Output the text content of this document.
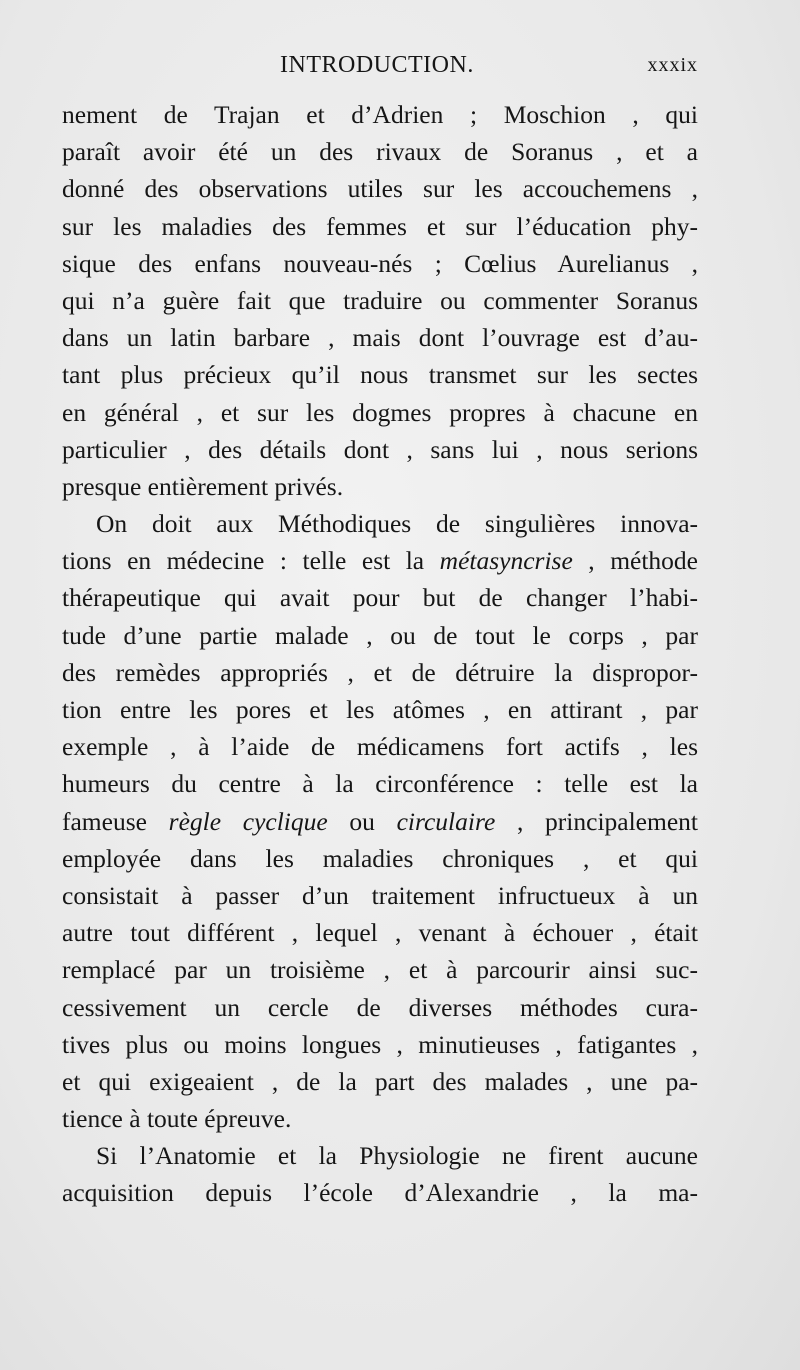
INTRODUCTION.	xxxix
nement de Trajan et d’Adrien ; Moschion , qui
paraît avoir été un des rivaux de Soranus , et a
donné des observations utiles sur les accouchemens ,
sur les maladies des femmes et sur l’éducation phy-
sique des enfans nouveau-nés ; Cœlius Aurelianus ,
qui n’a guère fait que traduire ou commenter Soranus
dans un latin barbare , mais dont l’ouvrage est d’au-
tant plus précieux qu’il nous transmet sur les sectes
en général , et sur les dogmes propres à chacune en
particulier , des détails dont , sans lui , nous serions
presque entièrement privés.
On doit aux Méthodiques de singulières innova-
tions en médecine : telle est la métasyncrise , méthode
thérapeutique qui avait pour but de changer l’habi-
tude d’une partie malade , ou de tout le corps , par
des remèdes appropriés , et de détruire la dispropor-
tion entre les pores et les atômes , en attirant , par
exemple , à l’aide de médicamens fort actifs , les
humeurs du centre à la circonférence : telle est la
fameuse règle cyclique ou circulaire , principalement
employée dans les maladies chroniques , et qui
consistait à passer d’un traitement infructueux à un
autre tout différent , lequel , venant à échouer , était
remplacé par un troisième , et à parcourir ainsi suc-
cessivement un cercle de diverses méthodes cura-
tives plus ou moins longues , minutieuses , fatigantes ,
et qui exigeaient , de la part des malades , une pa-
tience à toute épreuve.
Si l’Anatomie et la Physiologie ne firent aucune
acquisition depuis l’école d’Alexandrie , la ma-
